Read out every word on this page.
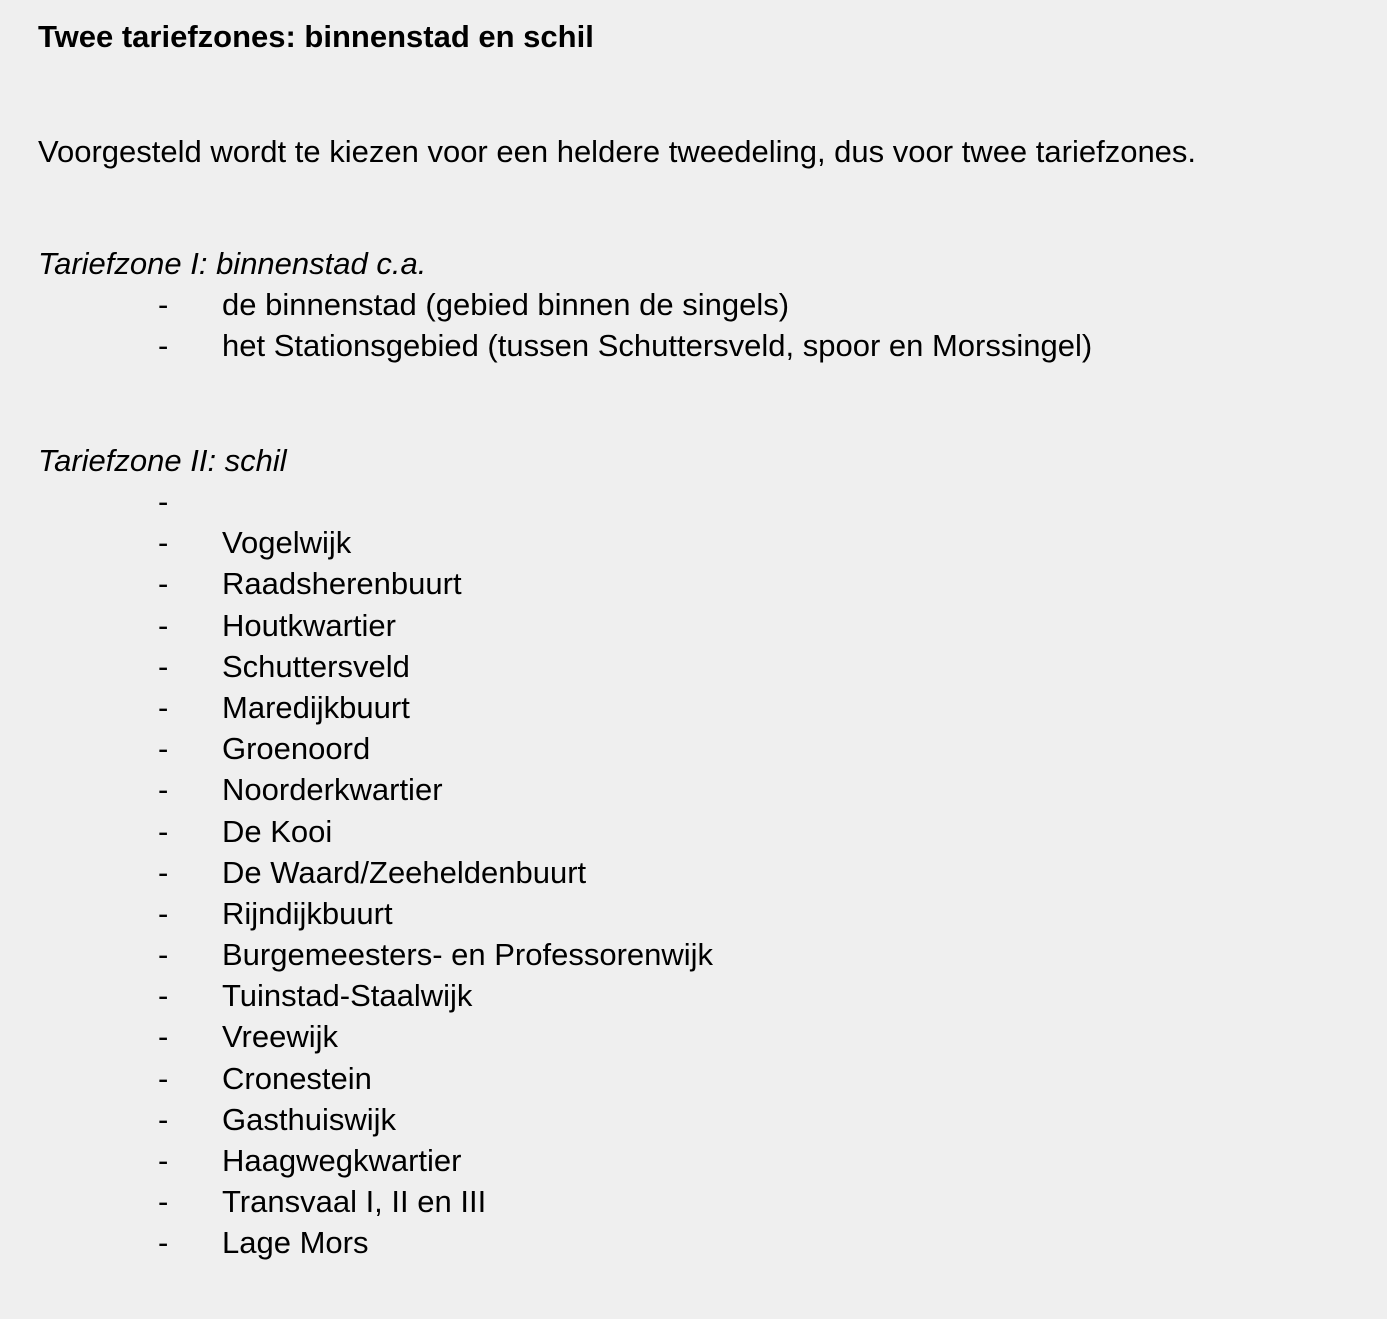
Twee tariefzones: binnenstad en schil

Voorgesteld wordt te kiezen voor een heldere tweedeling, dus voor twee tariefzones.

Tariefzone I: binnenstad c.a.

- de binnenstad (gebied binnen de singels)
- het Stationsgebied (tussen Schuttersveld, spoor en Morssingel)

Tariefzone II: schil

-
- Vogelwijk
- Raadsherenbuurt
- Houtkwartier
- Schuttersveld
- Maredijkbuurt
- Groenoord
- Noorderkwartier
- De Kooi
- De Waard/Zeeheldenbuurt
- Rijndijkbuurt
- Burgemeesters- en Professorenwijk
- Tuinstad-Staalwijk
- Vreewijk
- Cronestein
- Gasthuiswijk
- Haagwegkwartier
- Transvaal I, II en III
- Lage Mors
